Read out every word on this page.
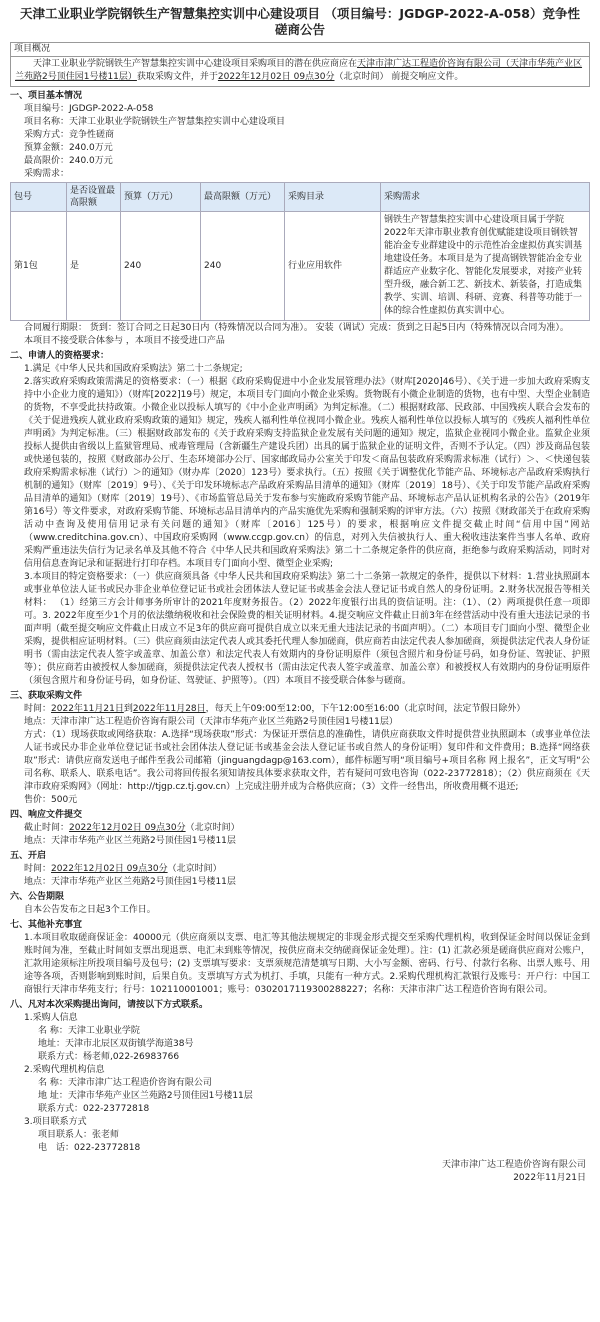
天津工业职业学院钢铁生产智慧集控实训中心建设项目 （项目编号：JGDGP-2022-A-058）竞争性磋商公告
项目概况
天津工业职业学院钢铁生产智慧集控实训中心建设项目采购项目的潜在供应商应在天津市津广达工程造价咨询有限公司（天津市华苑产业区兰苑路2号顶佳园1号楼11层）获取采购文件，并于2022年12月02日 09点30分（北京时间） 前提交响应文件。
一、项目基本情况
项目编号：JGDGP-2022-A-058
项目名称：天津工业职业学院钢铁生产智慧集控实训中心建设项目
采购方式：竞争性磋商
预算金额：240.0万元
最高限价：240.0万元
采购需求：
包号	是否设置最高限额	预算（万元）	最高限额（万元）	采购目录	采购需求
第1包	是	240	240	行业应用软件	钢铁生产智慧集控实训中心建设项目属于学院2022年天津市职业教育创优赋能建设项目钢铁智能冶金专业群建设中的示范性冶金虚拟仿真实训基地建设任务。本项目是为了提高钢铁智能冶金专业群适应产业数字化、智能化发展要求，对接产业转型升级，融合新工艺、新技术、新装备，打造成集教学、实训、培训、科研、竞赛、科普等功能于一体的综合性虚拟仿真实训中心。
合同履行期限： 货到：签订合同之日起30日内（特殊情况以合同为准）。 安装（调试）完成：货到之日起5日内（特殊情况以合同为准）。
本项目不接受联合体参与 ，本项目不接受进口产品
二、申请人的资格要求：
1.满足《中华人民共和国政府采购法》第二十二条规定;
2.落实政府采购政策需满足的资格要求：（一）根据《政府采购促进中小企业发展管理办法》（财库[2020]46号）、《关于进一步加大政府采购支持中小企业力度的通知》）（财库[2022]19号）规定，本项目专门面向小微企业采购。货物既有小微企业制造的货物，也有中型、大型企业制造的货物，不享受此扶持政策。小微企业以投标人填写的《中小企业声明函》为判定标准。（二）根据财政部、民政部、中国残疾人联合会发布的《关于促进残疾人就业政府采购政策的通知》规定，残疾人福利性单位视同小微企业。残疾人福利性单位以投标人填写的《残疾人福利性单位声明函》为判定标准。（三）根据财政部发布的《关于政府采购支持监狱企业发展有关问题的通知》规定，监狱企业视同小微企业。监狱企业须投标人提供由省级以上监狱管理局、戒毒管理局（含新疆生产建设兵团）出具的属于监狱企业的证明文件，否则不予认定。（四）涉及商品包装或快递包装的，按照《财政部办公厅、生态环境部办公厅、国家邮政局办公室关于印发＜商品包装政府采购需求标准（试行）＞、＜快递包装政府采购需求标准（试行）＞的通知》（财办库〔2020〕123号）要求执行。（五）按照《关于调整优化节能产品、环境标志产品政府采购执行机制的通知》（财库〔2019〕9号）、《关于印发环境标志产品政府采购品目清单的通知》（财库〔2019〕18号）、《关于印发节能产品政府采购品目清单的通知》（财库〔2019〕19号）、《市场监管总局关于发布参与实施政府采购节能产品、环境标志产品认证机构名录的公告》（2019年第16号）等文件要求，对政府采购节能、环境标志品目清单内的产品实施优先采购和强制采购的评审方法。（六）按照《财政部关于在政府采购活动中查询及使用信用记录有关问题的通知》（财库〔2016〕125号）的要求，根据响应文件提交截止时间“信用中国”网站（www.creditchina.gov.cn）、中国政府采购网（www.ccgp.gov.cn）的信息，对列入失信被执行人、重大税收违法案件当事人名单、政府采购严重违法失信行为记录名单及其他不符合《中华人民共和国政府采购法》第二十二条规定条件的供应商，拒绝参与政府采购活动，同时对信用信息查询记录和证据进行打印存档。本项目专门面向小型、微型企业采购;
3.本项目的特定资格要求：（一）供应商须具备《中华人民共和国政府采购法》第二十二条第一款规定的条件，提供以下材料：1.营业执照副本或事业单位法人证书或民办非企业单位登记证书或社会团体法人登记证书或基金会法人登记证书或自然人的身份证明。2.财务状况报告等相关材料： （1）经第三方会计师事务所审计的2021年度财务报告。（2）2022年度银行出具的资信证明。注：（1）、（2）两项提供任意一项即可。3. 2022年度至少1个月的依法缴纳税收和社会保险费的相关证明材料。4.提交响应文件截止日前3年在经营活动中没有重大违法记录的书面声明（截至提交响应文件截止日成立不足3年的供应商可提供自成立以来无重大违法记录的书面声明）。（二）本项目专门面向小型、微型企业采购，提供相应证明材料。（三）供应商须由法定代表人或其委托代理人参加磋商，供应商若由法定代表人参加磋商，须提供法定代表人身份证明书（需由法定代表人签字或盖章、加盖公章）和法定代表人有效期内的身份证明原件（须包含照片和身份证号码，如身份证、驾驶证、护照等）；供应商若由被授权人参加磋商，须提供法定代表人授权书（需由法定代表人签字或盖章、加盖公章）和被授权人有效期内的身份证明原件（须包含照片和身份证号码，如身份证、驾驶证、护照等）。（四）本项目不接受联合体参与磋商。
三、获取采购文件
时间：2022年11月21日到2022年11月28日，每天上午09:00至12:00，下午12:00至16:00（北京时间，法定节假日除外）
地点：天津市津广达工程造价咨询有限公司（天津市华苑产业区兰苑路2号顶佳园1号楼11层）
方式：（1）现场获取或网络获取：A.选择“现场获取”形式：为保证开票信息的准确性，请供应商获取文件时提供营业执照副本（或事业单位法人证书或民办非企业单位登记证书或社会团体法人登记证书或基金会法人登记证书或自然人的身份证明）复印件和文件费用；B.选择“网络获取”形式：请供应商发送电子邮件至我公司邮箱（jinguangdagp@163.com），邮件标题写明“项目编号+项目名称 网上报名”，正文写明“公司名称、联系人、联系电话”。我公司将回传报名须知请按具体要求获取文件，若有疑问可致电咨询（022-23772818）；（2）供应商须在《天津市政府采购网》（网址：http://tjgp.cz.tj.gov.cn）上完成注册并成为合格供应商；（3）文件一经售出，所收费用概不退还;
售价：500元
四、响应文件提交
截止时间：2022年12月02日 09点30分（北京时间）
地点：天津市华苑产业区兰苑路2号顶佳园1号楼11层
五、开启
时间：2022年12月02日 09点30分（北京时间）
地点：天津市华苑产业区兰苑路2号顶佳园1号楼11层
六、公告期限
自本公告发布之日起3个工作日。
七、其他补充事宜
1.本项目收取磋商保证金：40000元（供应商须以支票、电汇等其他法规规定的非现金形式提交至采购代理机构，收到保证金时间以保证金到账时间为准，至截止时间如支票出现退票、电汇未到账等情况，按供应商未交纳磋商保证金处理）。注：(1) 汇款必须是磋商供应商对公账户，汇款用途须标注所投项目编号及包号；(2) 支票填写要求：支票须规范清楚填写日期、大小写金额、密码、行号、付款行名称、出票人账号、用途等各项，否则影响到账时间，后果自负。支票填写方式为机打、手填，只能有一种方式。2.采购代理机构汇款银行及账号：开户行：中国工商银行天津市华苑支行；行号：102110001001；账号：0302017119300288227；名称：天津市津广达工程造价咨询有限公司。
八、凡对本次采购提出询问，请按以下方式联系。
1.采购人信息
名 称：天津工业职业学院
地址：天津市北辰区双街镇学海道38号
联系方式：杨老师,022-26983766
2.采购代理机构信息
名 称：天津市津广达工程造价咨询有限公司
地 址：天津市华苑产业区兰苑路2号顶佳园1号楼11层
联系方式：022-23772818
3.项目联系方式
项目联系人：张老师
电　话：022-23772818
天津市津广达工程造价咨询有限公司
2022年11月21日
